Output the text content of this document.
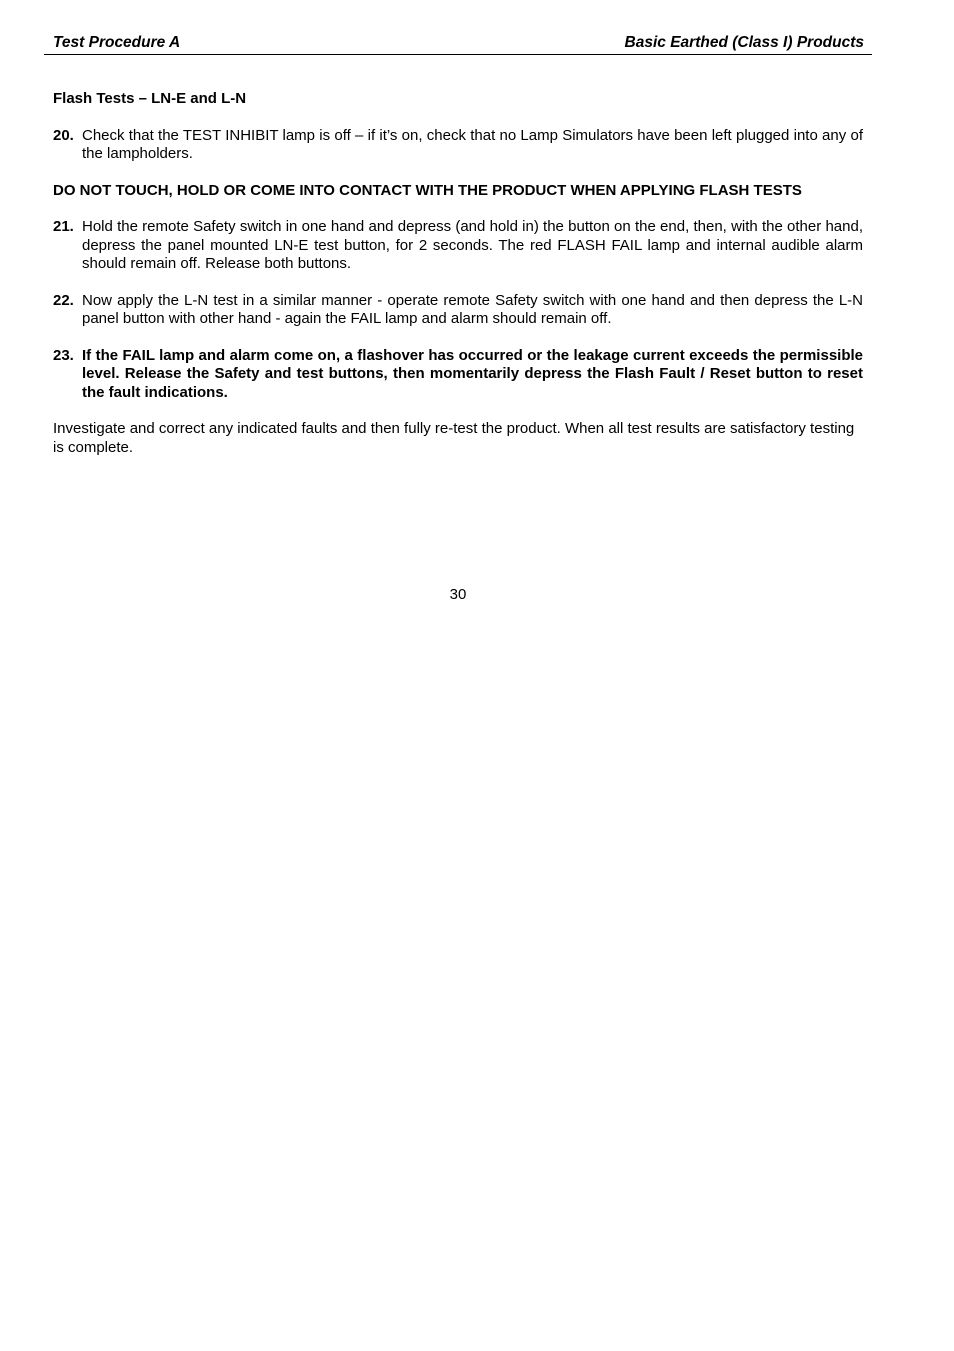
Test Procedure A	Basic Earthed (Class I) Products
Flash Tests – LN-E and L-N
20. Check that the TEST INHIBIT lamp is off – if it’s on, check that no Lamp Simulators have been left plugged into any of the lampholders.
DO NOT TOUCH, HOLD OR COME INTO CONTACT WITH THE PRODUCT WHEN APPLYING FLASH TESTS
21. Hold the remote Safety switch in one hand and depress (and hold in) the button on the end, then, with the other hand, depress the panel mounted LN-E test button, for 2 seconds. The red FLASH FAIL lamp and internal audible alarm should remain off. Release both buttons.
22. Now apply the L-N test in a similar manner - operate remote Safety switch with one hand and then depress the L-N panel button with other hand - again the FAIL lamp and alarm should remain off.
23. If the FAIL lamp and alarm come on, a flashover has occurred or the leakage current exceeds the permissible level. Release the Safety and test buttons, then momentarily depress the Flash Fault / Reset button to reset the fault indications.

Investigate and correct any indicated faults and then fully re-test the product. When all test results are satisfactory testing is complete.

30
